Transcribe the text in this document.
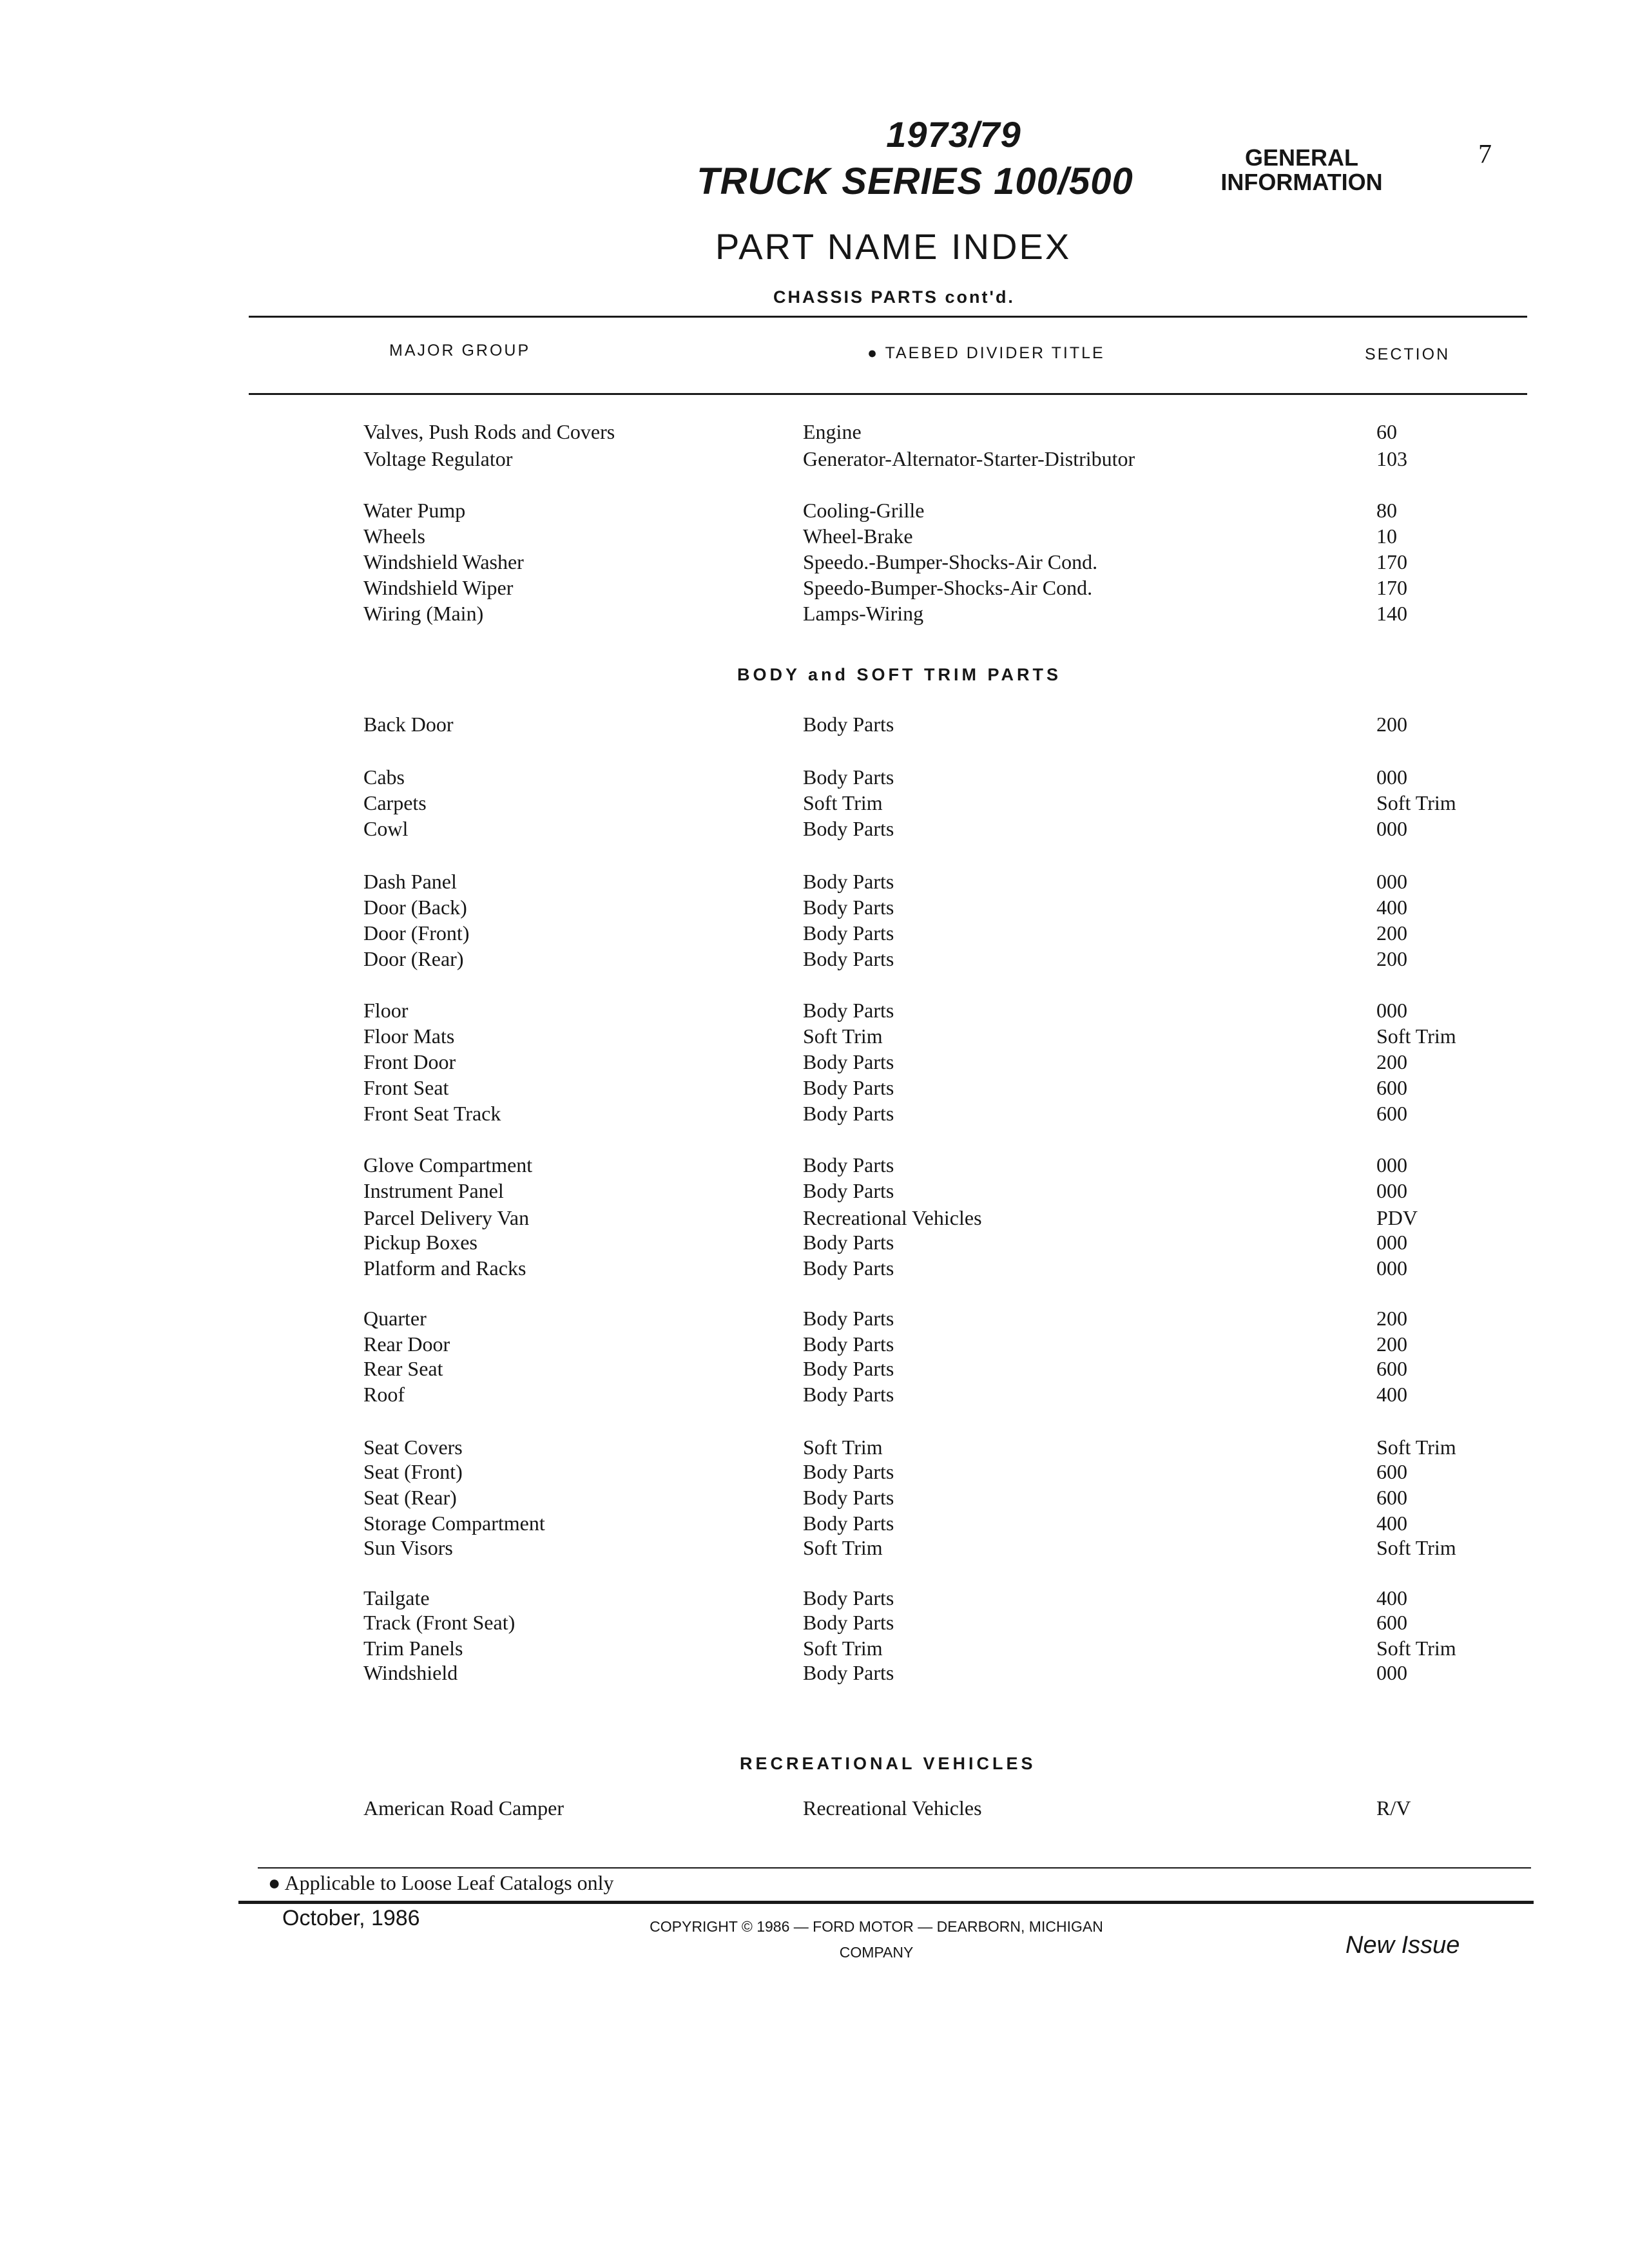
1973/79
TRUCK SERIES 100/500
GENERAL
INFORMATION
7
PART NAME INDEX
CHASSIS PARTS cont'd.
MAJOR GROUP	● TAEBED DIVIDER TITLE	SECTION
Valves, Push Rods and Covers	Engine	60
Voltage Regulator	Generator-Alternator-Starter-Distributor	103
Water Pump	Cooling-Grille	80
Wheels	Wheel-Brake	10
Windshield Washer	Speedo.-Bumper-Shocks-Air Cond.	170
Windshield Wiper	Speedo-Bumper-Shocks-Air Cond.	170
Wiring (Main)	Lamps-Wiring	140
Back Door	Body Parts	200
Cabs	Body Parts	000
Carpets	Soft Trim	Soft Trim
Cowl	Body Parts	000
Dash Panel	Body Parts	000
Door (Back)	Body Parts	400
Door (Front)	Body Parts	200
Door (Rear)	Body Parts	200
Floor	Body Parts	000
Floor Mats	Soft Trim	Soft Trim
Front Door	Body Parts	200
Front Seat	Body Parts	600
Front Seat Track	Body Parts	600
Glove Compartment	Body Parts	000
Instrument Panel	Body Parts	000
Parcel Delivery Van	Recreational Vehicles	PDV
Pickup Boxes	Body Parts	000
Platform and Racks	Body Parts	000
Quarter	Body Parts	200
Rear Door	Body Parts	200
Rear Seat	Body Parts	600
Roof	Body Parts	400
Seat Covers	Soft Trim	Soft Trim
Seat (Front)	Body Parts	600
Seat (Rear)	Body Parts	600
Storage Compartment	Body Parts	400
Sun Visors	Soft Trim	Soft Trim
Tailgate	Body Parts	400
Track (Front Seat)	Body Parts	600
Trim Panels	Soft Trim	Soft Trim
Windshield	Body Parts	000
American Road Camper	Recreational Vehicles	R/V
BODY and SOFT TRIM PARTS
RECREATIONAL VEHICLES
● Applicable to Loose Leaf Catalogs only
October, 1986	COPYRIGHT © 1986 — FORD MOTOR — DEARBORN, MICHIGAN
COMPANY	New Issue
